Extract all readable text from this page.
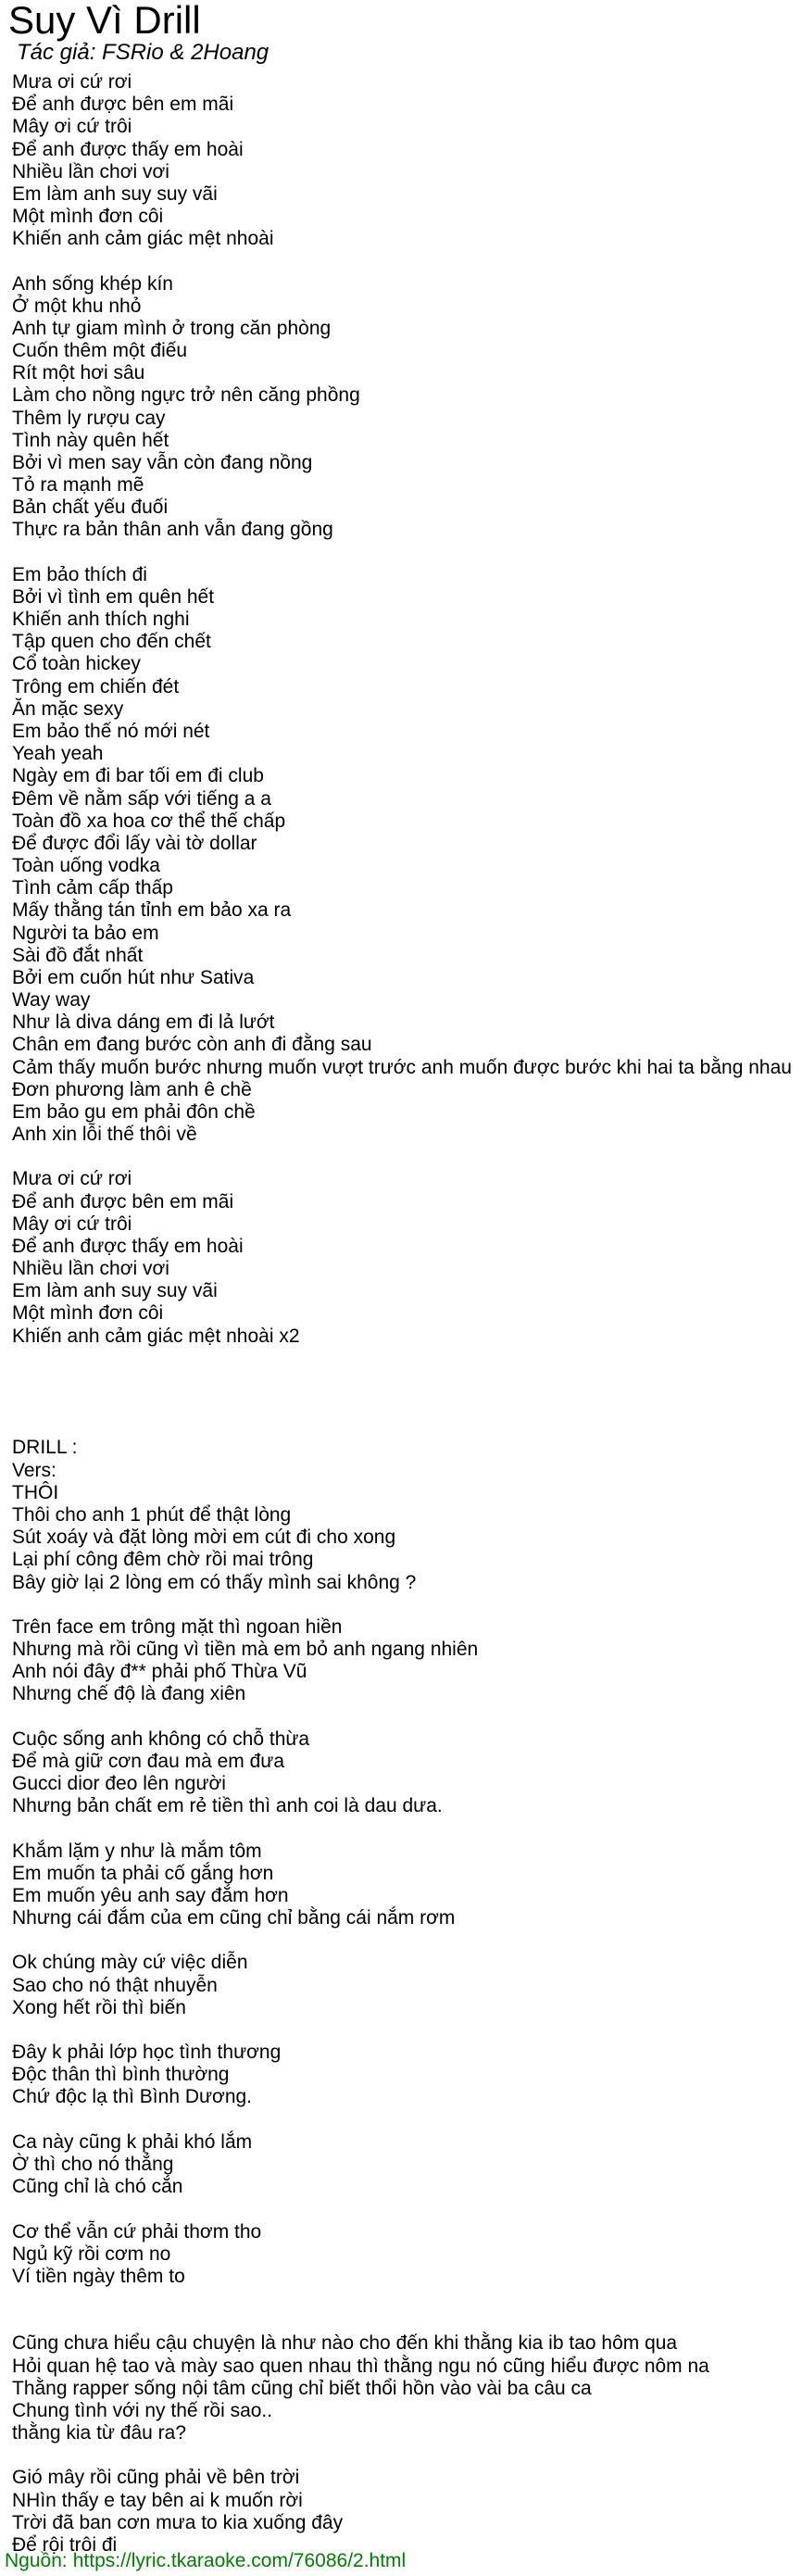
Suy Vì Drill
Tác giả: FSRio & 2Hoang
Mưa ơi cứ rơi
Để anh được bên em mãi
Mây ơi cứ trôi
Để anh được thấy em hoài
Nhiều lần chơi vơi
Em làm anh suy suy vãi
Một mình đơn côi
Khiến anh cảm giác mệt nhoài

Anh sống khép kín
Ở một khu nhỏ
Anh tự giam mình ở trong căn phòng
Cuốn thêm một điếu
Rít một hơi sâu
Làm cho nồng ngực trở nên căng phồng
Thêm ly rượu cay
Tình này quên hết
Bởi vì men say vẫn còn đang nồng
Tỏ ra mạnh mẽ
Bản chất yếu đuối
Thực ra bản thân anh vẫn đang gồng

Em bảo thích đi
Bởi vì tình em quên hết
Khiến anh thích nghi
Tập quen cho đến chết
Cổ toàn hickey
Trông em chiến đét
Ăn mặc sexy
Em bảo thế nó mới nét
Yeah yeah
Ngày em đi bar tối em đi club
Đêm về nằm sấp với tiếng a a
Toàn đồ xa hoa cơ thể thế chấp
Để được đổi lấy vài tờ dollar
Toàn uống vodka
Tình cảm cấp thấp
Mấy thằng tán tỉnh em bảo xa ra
Người ta bảo em
Sài đồ đắt nhất
Bởi em cuốn hút như Sativa
Way way
Như là diva dáng em đi lả lướt
Chân em đang bước còn anh đi đằng sau
Cảm thấy muốn bước nhưng muốn vượt trước anh muốn được bước khi hai ta bằng nhau
Đơn phương làm anh ê chề
Em bảo gu em phải đôn chề
Anh xin lỗi thế thôi về

Mưa ơi cứ rơi
Để anh được bên em mãi
Mây ơi cứ trôi
Để anh được thấy em hoài
Nhiều lần chơi vơi
Em làm anh suy suy vãi
Một mình đơn côi
Khiến anh cảm giác mệt nhoài x2

DRILL :
Vers:
THÔI
Thôi cho anh 1 phút để thật lòng
Sút xoáy và đặt lòng mời em cút đi cho xong
Lại phí công đêm chờ rồi mai trông
Bây giờ lại 2 lòng em có thấy mình sai không ?

Trên face em trông mặt thì ngoan hiền
Nhưng mà rồi cũng vì tiền mà em bỏ anh ngang nhiên
Anh nói đây đ** phải phố Thừa Vũ
Nhưng chế độ là đang xiên

Cuộc sống anh không có chỗ thừa
Để mà giữ cơn đau mà em đưa
Gucci dior đeo lên người
Nhưng bản chất em rẻ tiền thì anh coi là dau dưa.

Khắm lặm y như là mắm tôm
Em muốn ta phải cố gắng hơn
Em muốn yêu anh say đắm hơn
Nhưng cái đắm của em cũng chỉ bằng cái nắm rơm

Ok chúng mày cứ việc diễn
Sao cho nó thật nhuyễn
Xong hết rồi thì biến

Đây k phải lớp học tình thương
Độc thân thì bình thường
Chứ độc lạ thì Bình Dương.

Ca này cũng k phải khó lắm
Ờ thì cho nó thẳng
Cũng chỉ là chó cắn

Cơ thể vẫn cứ phải thơm tho
Ngủ kỹ rồi cơm no
Ví tiền ngày thêm to

Cũng chưa hiểu cậu chuyện là như nào cho đến khi thằng kia ib tao hôm qua
Hỏi quan hệ tao và mày sao quen nhau thì thằng ngu nó cũng hiểu được nôm na
Thằng rapper sống nội tâm cũng chỉ biết thổi hồn vào vài ba câu ca
Chung tình với ny thế rồi sao..
thằng kia từ đâu ra?

Gió mây rồi cũng phải về bên trời
NHìn thấy e tay bên ai k muốn rời
Trời đã ban cơn mưa to kia xuống đây
Để rội trôi đi
Nguồn: https://lyric.tkaraoke.com/76086/2.html
